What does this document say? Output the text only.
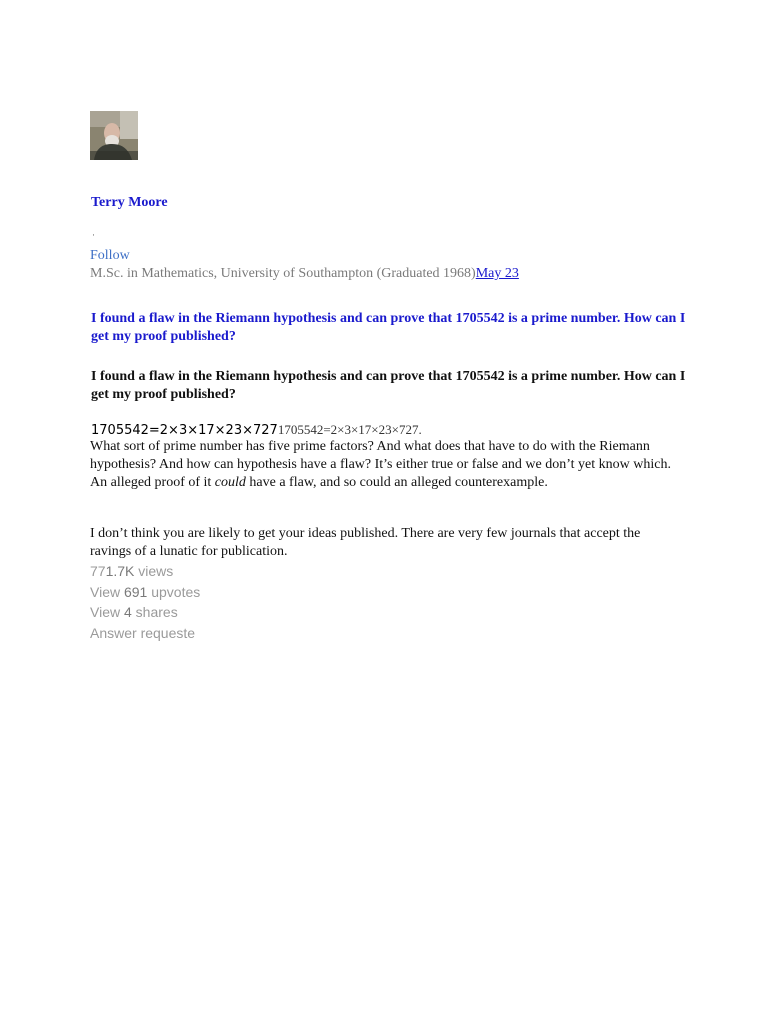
Terry Moore
·
Follow
M.Sc. in Mathematics, University of Southampton (Graduated 1968)May 23
I found a flaw in the Riemann hypothesis and can prove that 1705542 is a prime number. How can I get my proof published?
I found a flaw in the Riemann hypothesis and can prove that 1705542 is a prime number. How can I get my proof published?
1705542=2×3×17×23×7271705542=2×3×17×23×727.
What sort of prime number has five prime factors? And what does that have to do with the Riemann hypothesis? And how can hypothesis have a flaw? It’s either true or false and we don’t yet know which. An alleged proof of it could have a flaw, and so could an alleged counterexample.
I don’t think you are likely to get your ideas published. There are very few journals that accept the ravings of a lunatic for publication.
771.7K views
View 691 upvotes
View 4 shares
Answer requeste
